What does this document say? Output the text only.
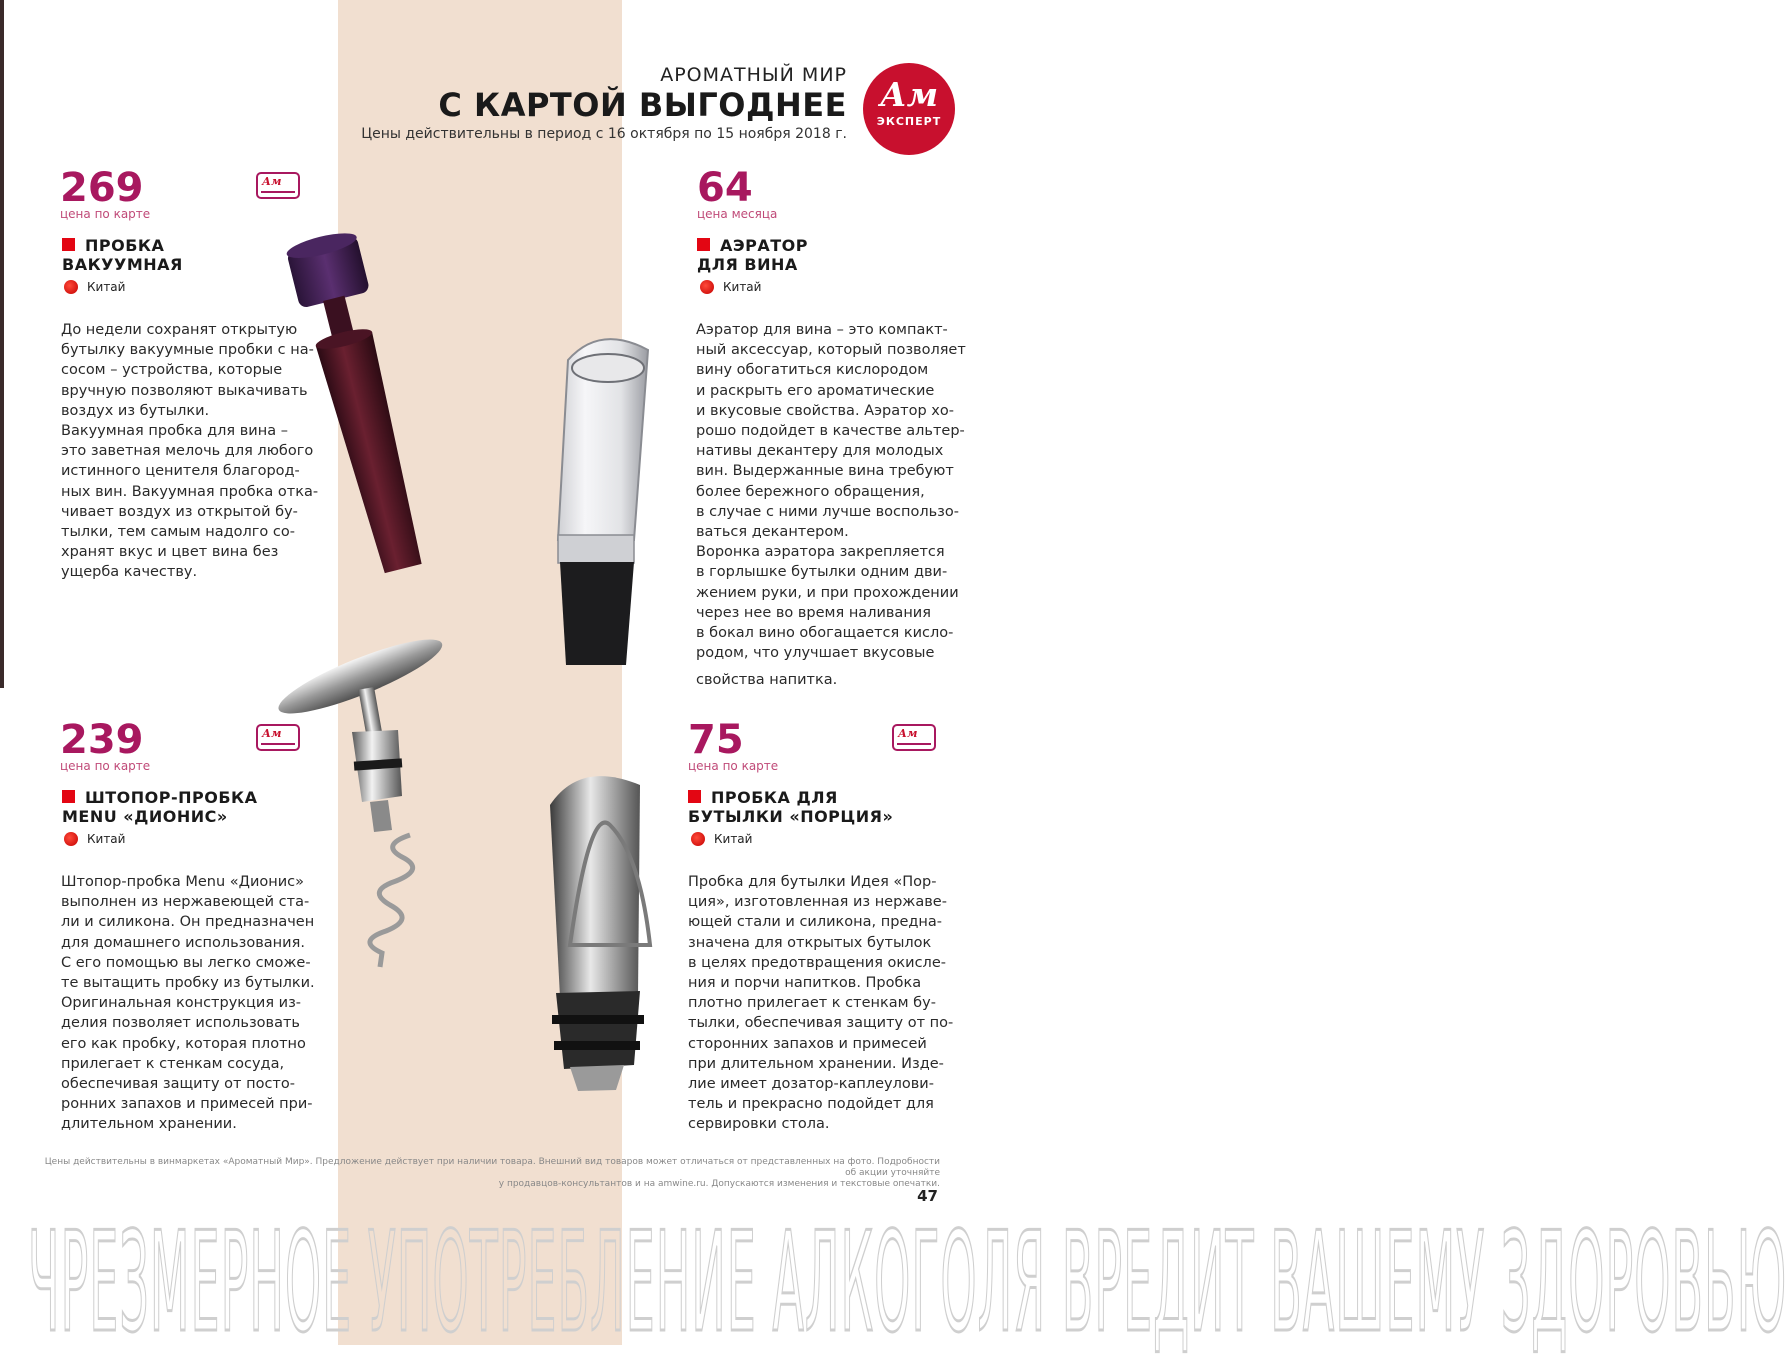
АРОМАТНЫЙ МИР
С КАРТОЙ ВЫГОДНЕЕ
Цены действительны в период с 16 октября по 15 ноября 2018 г.
Ам
ЭКСПЕРТ
269
цена по карте
Ам
ПРОБКА
ВАКУУМНАЯ
Китай
До недели сохранят открытую
бутылку вакуумные пробки с на-
сосом – устройства, которые
вручную позволяют выкачивать
воздух из бутылки.
Вакуумная пробка для вина –
это заветная мелочь для любого
истинного ценителя благород-
ных вин. Вакуумная пробка отка-
чивает воздух из открытой бу-
тылки, тем самым надолго со-
хранят вкус и цвет вина без
ущерба качеству.
64
цена месяца
АЭРАТОР
ДЛЯ ВИНА
Китай
Аэратор для вина – это компакт-
ный аксессуар, который позволяет
вину обогатиться кислородом
и раскрыть его ароматические
и вкусовые свойства. Аэратор хо-
рошо подойдет в качестве альтер-
нативы декантеру для молодых
вин. Выдержанные вина требуют
более бережного обращения,
в случае с ними лучше воспользо-
ваться декантером.
Воронка аэратора закрепляется
в горлышке бутылки одним дви-
жением руки, и при прохождении
через нее во время наливания
в бокал вино обогащается кисло-
родом, что улучшает вкусовые
свойства напитка.
239
цена по карте
Ам
ШТОПОР-ПРОБКА
MENU «ДИОНИС»
Китай
Штопор-пробка Menu «Дионис»
выполнен из нержавеющей ста-
ли и силикона. Он предназначен
для домашнего использования.
С его помощью вы легко сможе-
те вытащить пробку из бутылки.
Оригинальная конструкция из-
делия позволяет использовать
его как пробку, которая плотно
прилегает к стенкам сосуда,
обеспечивая защиту от посто-
ронних запахов и примесей при-
длительном хранении.
75
цена по карте
Ам
ПРОБКА ДЛЯ
БУТЫЛКИ «ПОРЦИЯ»
Китай
Пробка для бутылки Идея «Пор-
ция», изготовленная из нержаве-
ющей стали и силикона, предна-
значена для открытых бутылок
в целях предотвращения окисле-
ния и порчи напитков. Пробка
плотно прилегает к стенкам бу-
тылки, обеспечивая защиту от по-
сторонних запахов и примесей
при длительном хранении. Изде-
лие имеет дозатор-каплеулови-
тель и прекрасно подойдет для
сервировки стола.
Цены действительны в винмаркетах «Ароматный Мир». Предложение действует при наличии товара. Внешний вид товаров может отличаться от представленных на фото. Подробности об акции уточняйте
у продавцов-консультантов и на amwine.ru. Допускаются изменения и текстовые опечатки.
47
ЧРЕЗМЕРНОЕ УПОТРЕБЛЕНИЕ АЛКОГОЛЯ ВРЕДИТ ВАШЕМУ ЗДОРОВЬЮ
